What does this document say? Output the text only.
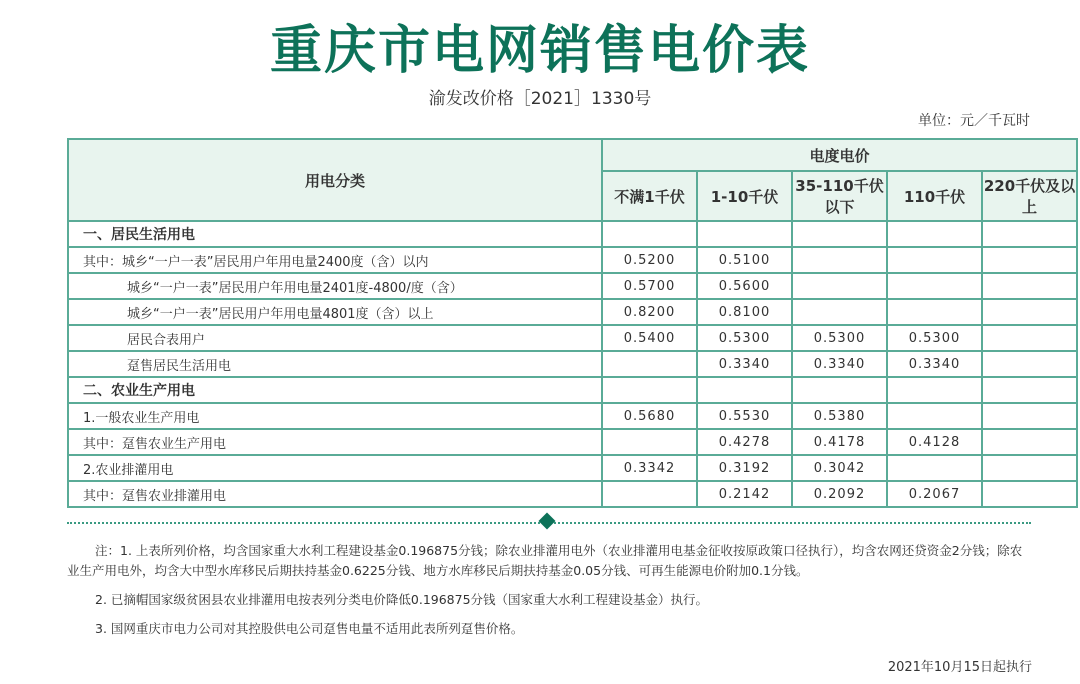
重庆市电网销售电价表
渝发改价格［2021］1330号
单位：元／千瓦时
用电分类	电度电价				
	不满1千伏	1-10千伏	35-110千伏以下	110千伏	220千伏及以上
一、居民生活用电					
其中：城乡“一户一表”居民用户年用电量2400度（含）以内	0.5200	0.5100			
城乡“一户一表”居民用户年用电量2401度-4800/度（含）	0.5700	0.5600			
城乡“一户一表”居民用户年用电量4801度（含）以上	0.8200	0.8100			
居民合表用户	0.5400	0.5300	0.5300	0.5300	
趸售居民生活用电		0.3340	0.3340	0.3340	
二、农业生产用电					
1.一般农业生产用电	0.5680	0.5530	0.5380		
其中：趸售农业生产用电		0.4278	0.4178	0.4128	
2.农业排灌用电	0.3342	0.3192	0.3042		
其中：趸售农业排灌用电		0.2142	0.2092	0.2067	

注：1. 上表所列价格，均含国家重大水利工程建设基金0.196875分钱；除农业排灌用电外（农业排灌用电基金征收按原政策口径执行），均含农网还贷资金2分钱；除农业生产用电外，均含大中型水库移民后期扶持基金0.6225分钱、地方水库移民后期扶持基金0.05分钱、可再生能源电价附加0.1分钱。

2. 已摘帽国家级贫困县农业排灌用电按表列分类电价降低0.196875分钱（国家重大水利工程建设基金）执行。

3. 国网重庆市电力公司对其控股供电公司趸售电量不适用此表所列趸售价格。

2021年10月15日起执行
